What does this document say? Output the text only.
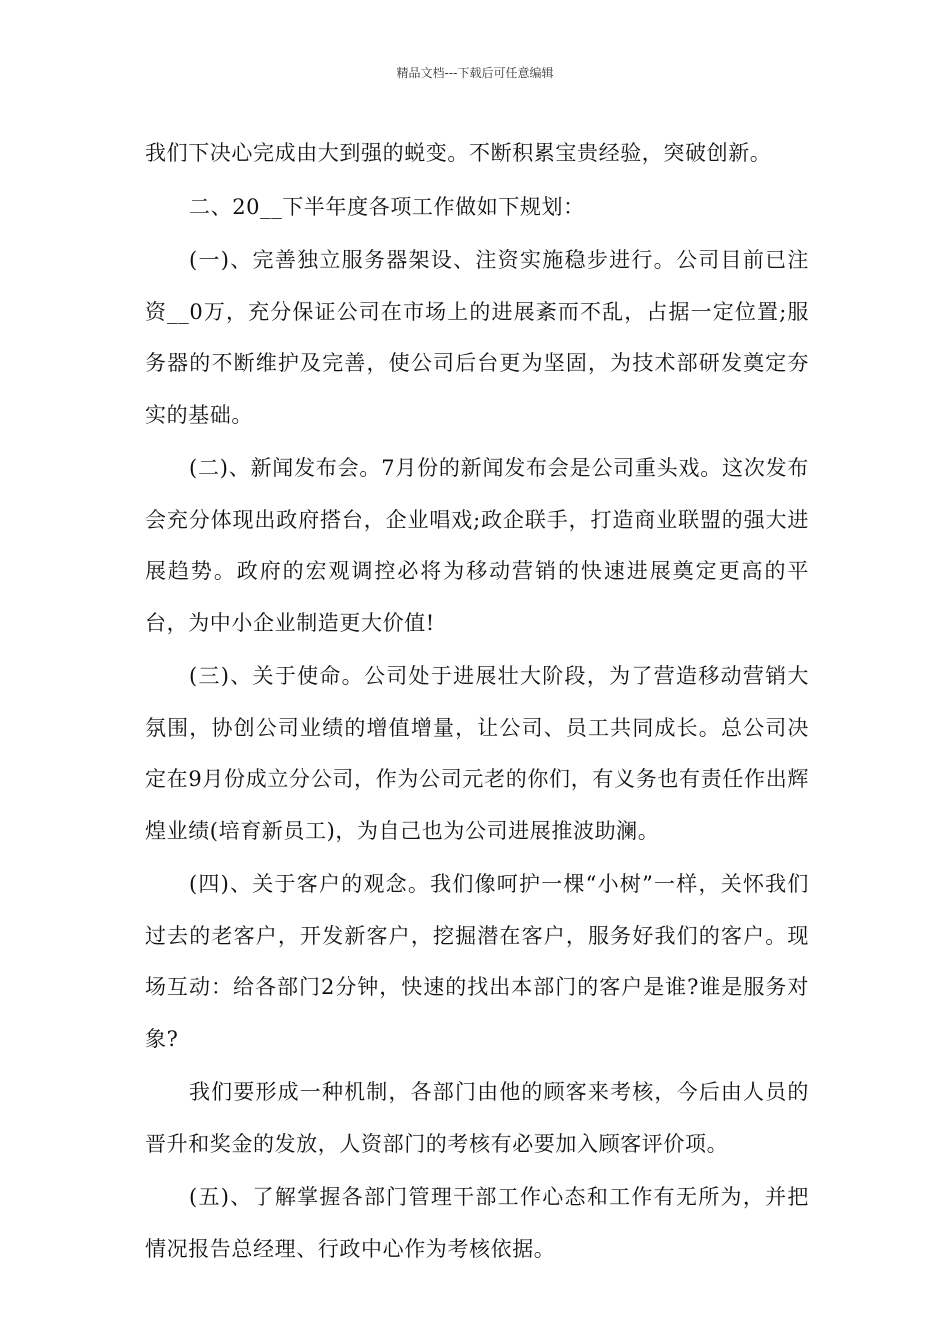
精品文档---下载后可任意编辑

我们下决心完成由大到强的蜕变。不断积累宝贵经验，突破创新。

二、20__下半年度各项工作做如下规划：

(一)、完善独立服务器架设、注资实施稳步进行。公司目前已注资__0万，充分保证公司在市场上的进展紊而不乱，占据一定位置;服务器的不断维护及完善，使公司后台更为坚固，为技术部研发奠定夯实的基础。

(二)、新闻发布会。7月份的新闻发布会是公司重头戏。这次发布会充分体现出政府搭台，企业唱戏;政企联手，打造商业联盟的强大进展趋势。政府的宏观调控必将为移动营销的快速进展奠定更高的平台，为中小企业制造更大价值!

(三)、关于使命。公司处于进展壮大阶段，为了营造移动营销大氛围，协创公司业绩的增值增量，让公司、员工共同成长。总公司决定在9月份成立分公司，作为公司元老的你们，有义务也有责任作出辉煌业绩(培育新员工)，为自己也为公司进展推波助澜。

(四)、关于客户的观念。我们像呵护一棵“小树”一样，关怀我们过去的老客户，开发新客户，挖掘潜在客户，服务好我们的客户。现场互动：给各部门2分钟，快速的找出本部门的客户是谁?谁是服务对象?

我们要形成一种机制，各部门由他的顾客来考核，今后由人员的晋升和奖金的发放，人资部门的考核有必要加入顾客评价项。

(五)、了解掌握各部门管理干部工作心态和工作有无所为，并把情况报告总经理、行政中心作为考核依据。
